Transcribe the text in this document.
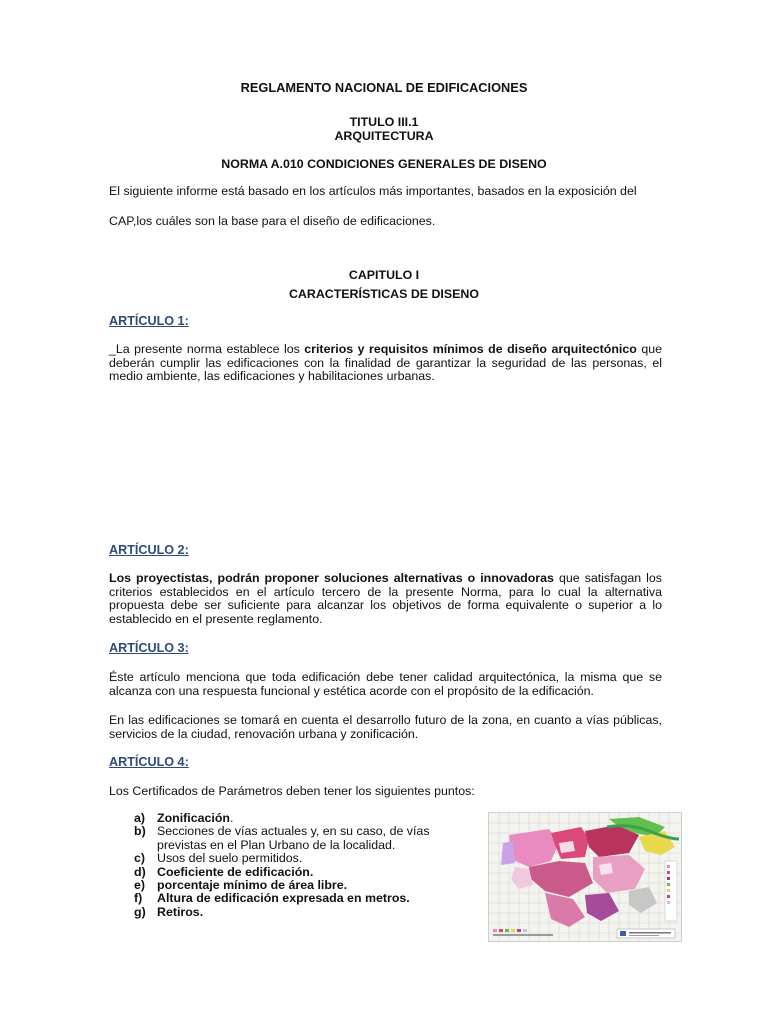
REGLAMENTO NACIONAL DE EDIFICACIONES
TITULO III.1
ARQUITECTURA
NORMA A.010 CONDICIONES GENERALES DE DISENO
El siguiente informe está basado en los artículos más importantes, basados en la exposición del
CAP,los cuáles son la base para el diseño de edificaciones.
CAPITULO I
CARACTERÍSTICAS DE DISENO
ARTÍCULO 1:
_La presente norma establece los criterios y requisitos mínimos de diseño arquitectónico que deberán cumplir las edificaciones con la finalidad de garantizar la seguridad de las personas, el medio ambiente, las edificaciones y habilitaciones urbanas.
ARTÍCULO 2:
Los proyectistas, podrán proponer soluciones alternativas o innovadoras que satisfagan los criterios establecidos en el artículo tercero de la presente Norma, para lo cual la alternativa propuesta debe ser suficiente para alcanzar los objetivos de forma equivalente o superior a lo establecido en el presente reglamento.
ARTÍCULO 3:
Éste artículo menciona que toda edificación debe tener calidad arquitectónica, la misma que se alcanza con una respuesta funcional y estética acorde con el propósito de la edificación.
En las edificaciones se tomará en cuenta el desarrollo futuro de la zona, en cuanto a vías públicas, servicios de la ciudad, renovación urbana y zonificación.
ARTÍCULO 4:
Los Certificados de Parámetros deben tener los siguientes puntos:
a) Zonificación.
b) Secciones de vías actuales y, en su caso, de vías previstas en el Plan Urbano de la localidad.
c) Usos del suelo permitidos.
d) Coeficiente de edificación.
e) porcentaje mínimo de área libre.
f)	Altura de edificación expresada en metros.
g) Retiros.
